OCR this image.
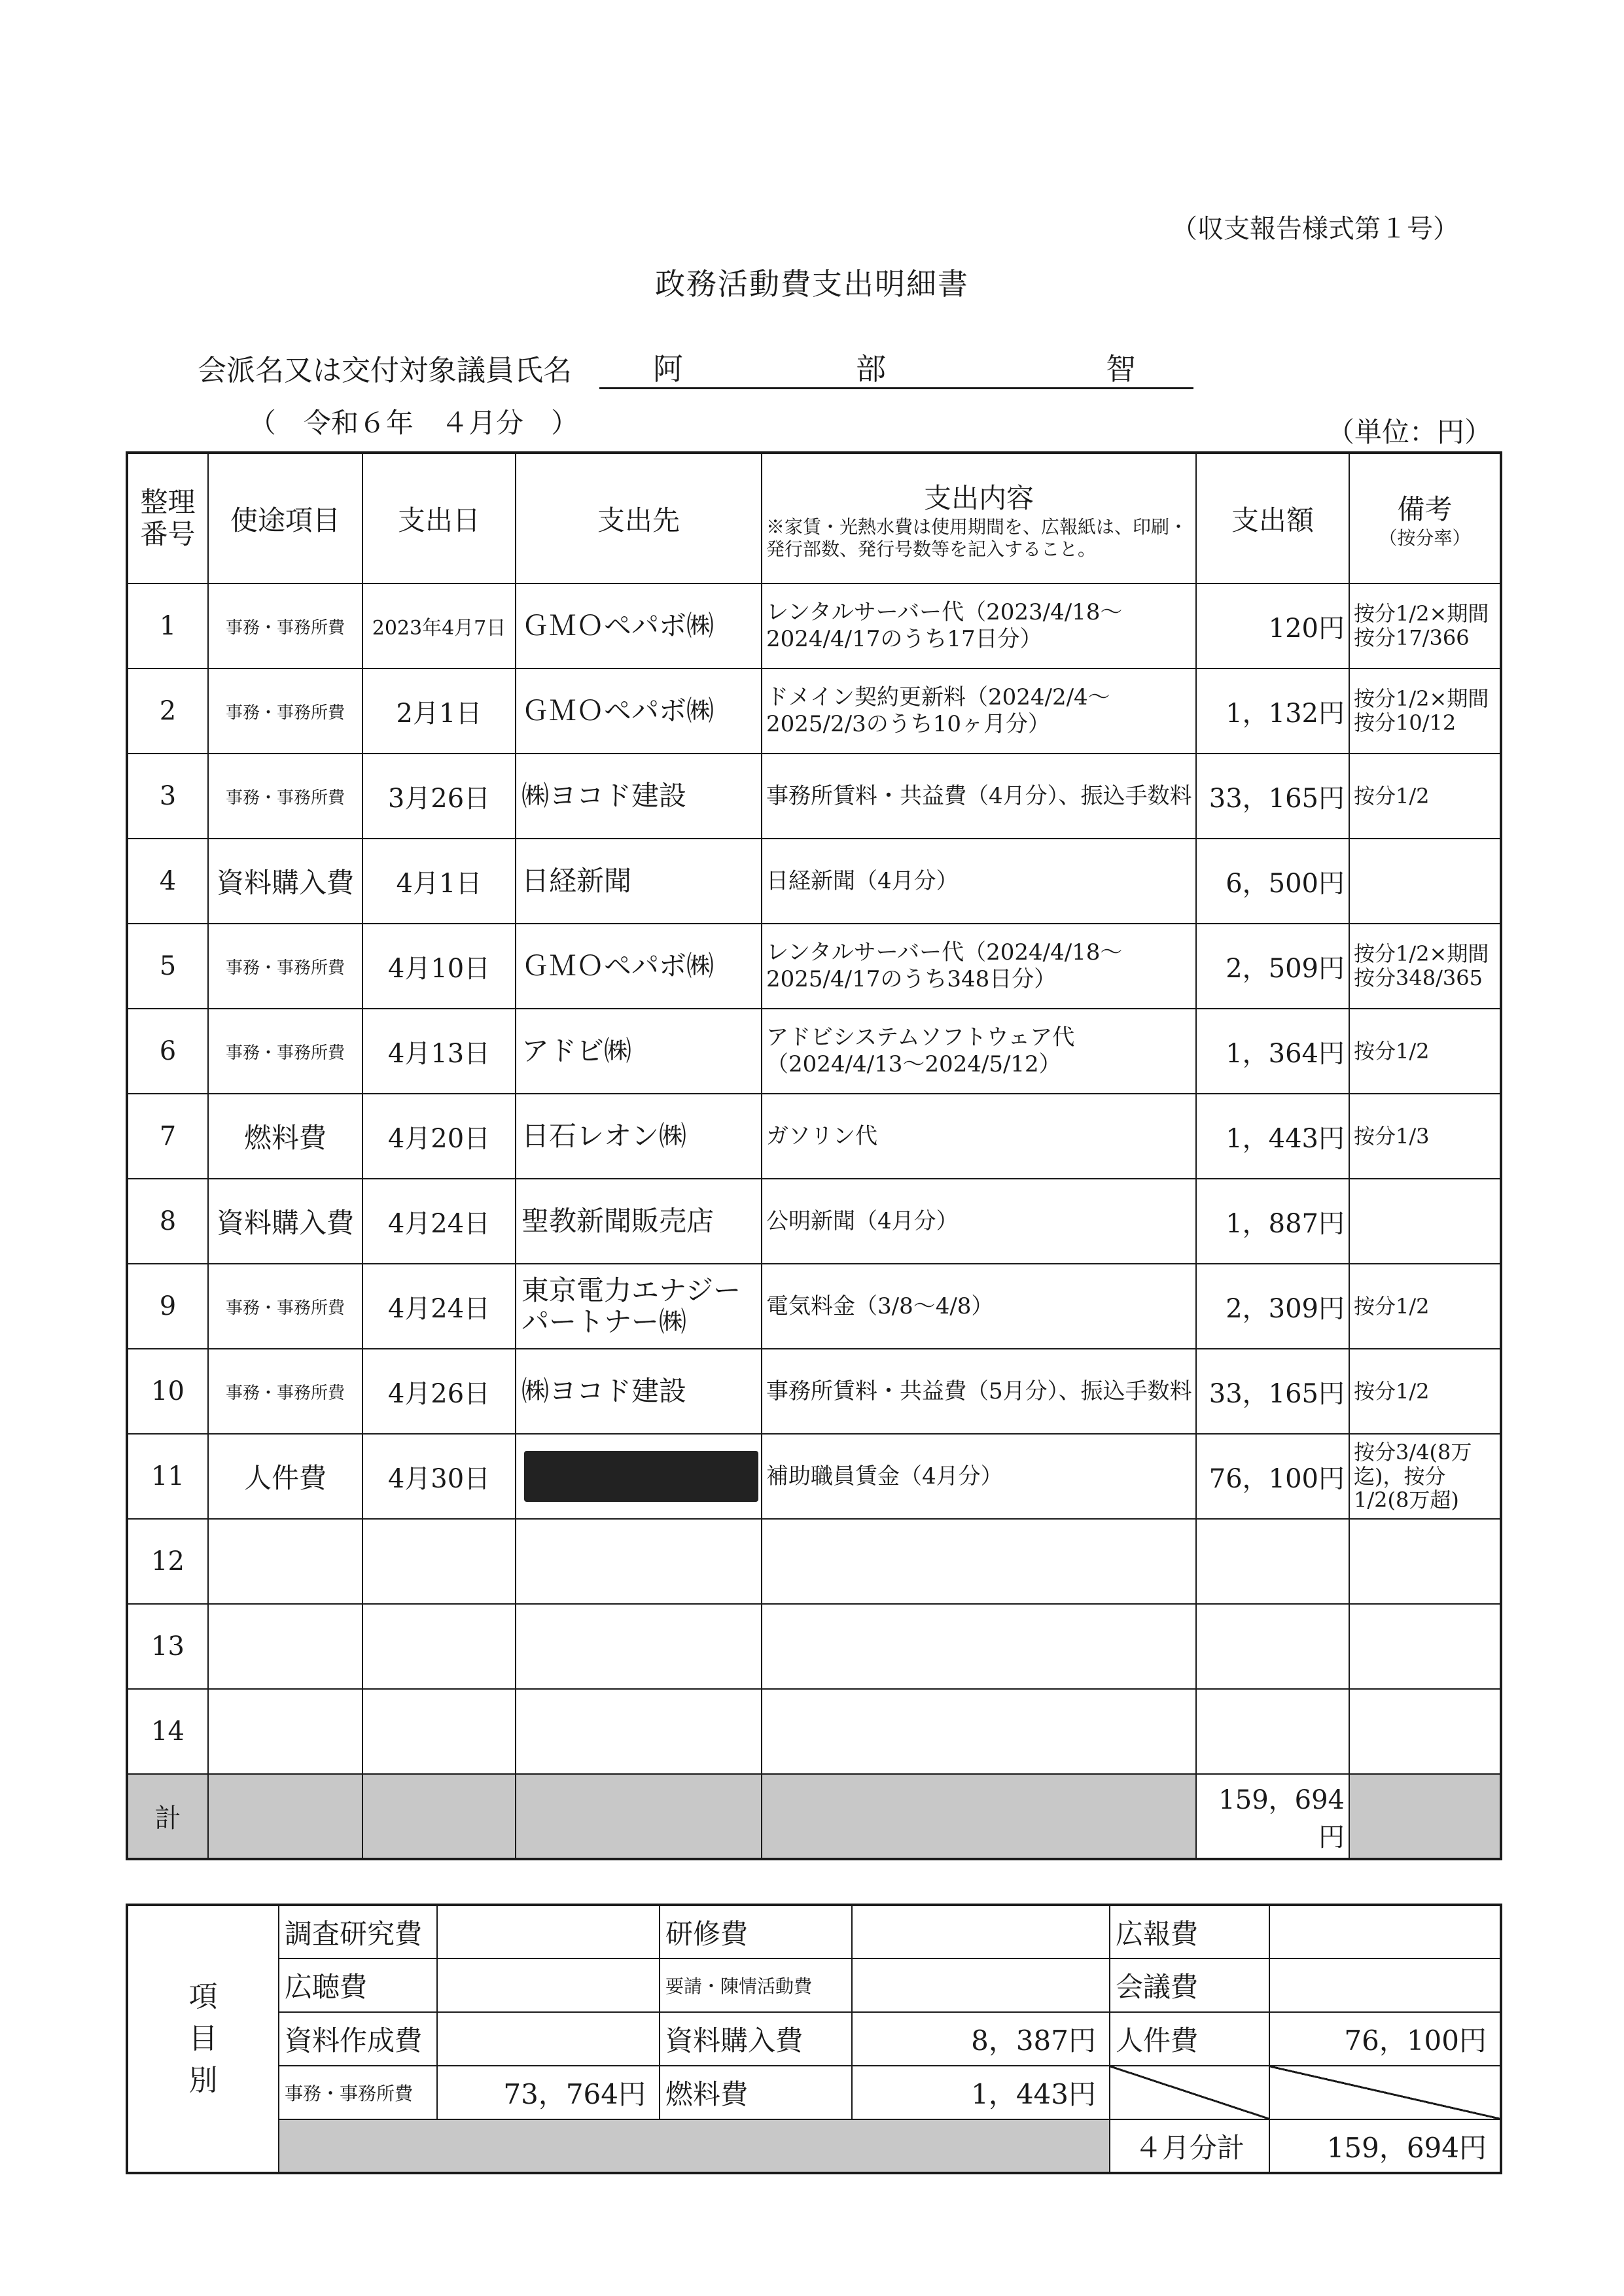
（収支報告様式第１号）
政務活動費支出明細書
会派名又は交付対象議員氏名	阿	部	智
（　令和６年　４月分　）	（単位：円）
整理番号	使途項目	支出日	支出先	支出内容
※家賃・光熱水費は使用期間を、広報紙は、印刷・発行部数、発行号数等を記入すること。	支出額	備考
（按分率）

1	事務・事務所費	2023年4月7日	ＧＭＯペパボ㈱	レンタルサーバー代（2023/4/18〜2024/4/17のうち17日分）	120円	按分1/2×期間按分17/366
2	事務・事務所費	2月1日	ＧＭＯペパボ㈱	ドメイン契約更新料（2024/2/4〜2025/2/3のうち10ヶ月分）	1，132円	按分1/2×期間按分10/12
3	事務・事務所費	3月26日	㈱ヨコド建設	事務所賃料・共益費（4月分）、振込手数料	33，165円	按分1/2
4	資料購入費	4月1日	日経新聞	日経新聞（4月分）	6，500円	
5	事務・事務所費	4月10日	ＧＭＯペパボ㈱	レンタルサーバー代（2024/4/18〜2025/4/17のうち348日分）	2，509円	按分1/2×期間按分348/365
6	事務・事務所費	4月13日	アドビ㈱	アドビシステムソフトウェア代（2024/4/13〜2024/5/12）	1，364円	按分1/2
7	燃料費	4月20日	日石レオン㈱	ガソリン代	1，443円	按分1/3
8	資料購入費	4月24日	聖教新聞販売店	公明新聞（4月分）	1，887円	
9	事務・事務所費	4月24日	東京電力エナジーパートナー㈱	電気料金（3/8〜4/8）	2，309円	按分1/2
10	事務・事務所費	4月26日	㈱ヨコド建設	事務所賃料・共益費（5月分）、振込手数料	33，165円	按分1/2
11	人件費	4月30日		補助職員賃金（4月分）	76，100円	按分3/4(8万迄)，按分1/2(8万超)
12						
13						
14						
計					159，694円	
項目別	調査研究費		研修費		広報費	
	広聴費		要請・陳情活動費		会議費	
	資料作成費		資料購入費	8，387円	人件費	76，100円
	事務・事務所費	73，764円	燃料費	1，443円		
					４月分計	159，694円
